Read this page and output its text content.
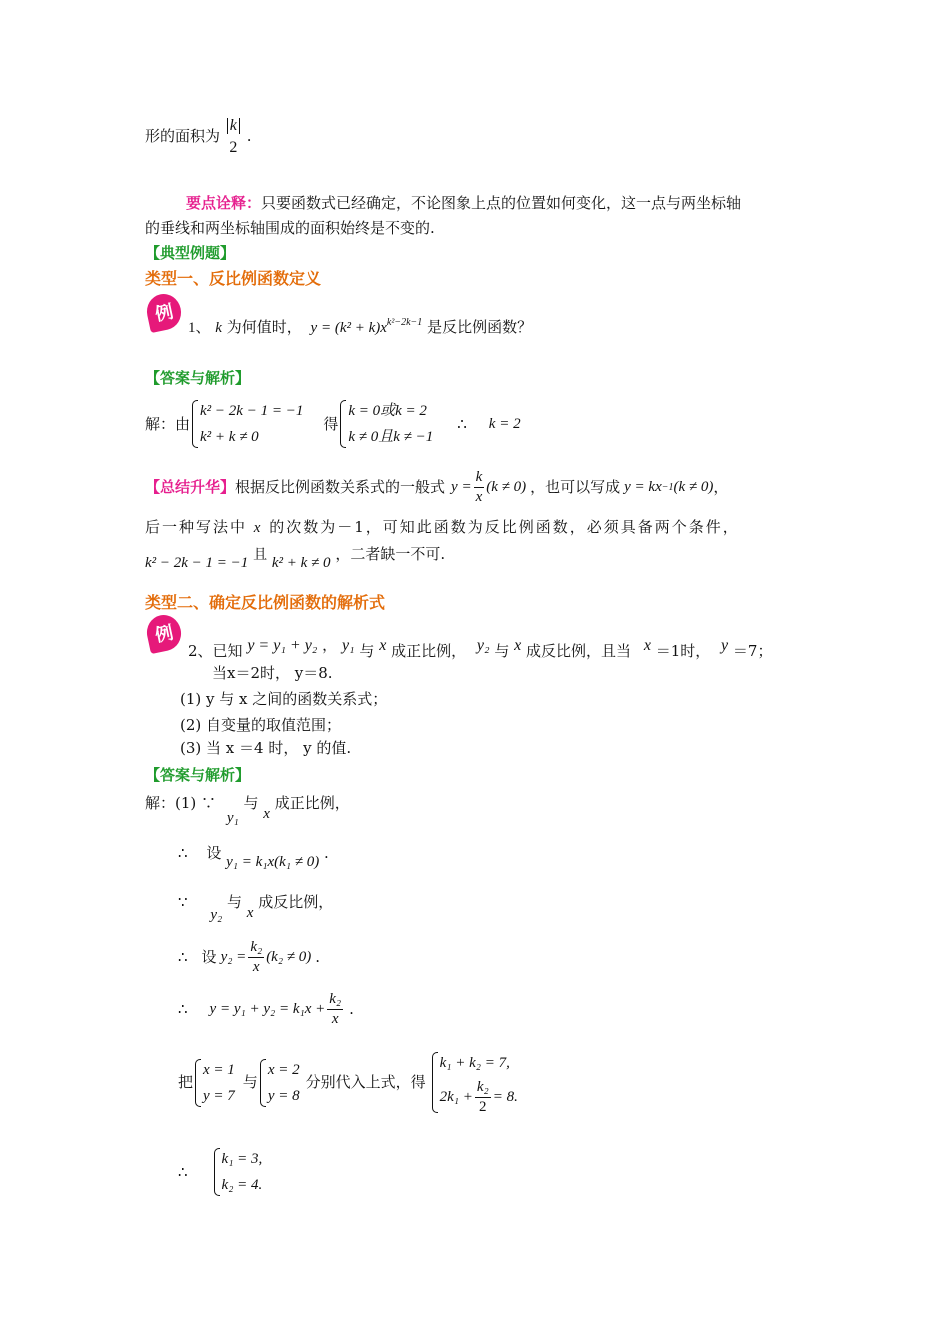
形的面积为
k
2
.
要点诠释：只要函数式已经确定，不论图象上点的位置如何变化，这一点与两坐标轴
的垂线和两坐标轴围成的面积始终是不变的.
【典型例题】
类型一、反比例函数定义
例
1、 k 为何值时， $y = (k^2 + k)x^{k^2-2k-1}$ 是反比例函数？
【答案与解析】
解：由
k² − 2k − 1 = −1
k² + k ≠ 0
得
k = 0或k = 2
k ≠ 0且k ≠ −1
∴ k = 2
【总结升华】 根据反比例函数关系式的一般式 $y = \frac{k}{x} (k \ne 0)$ ，也可以写成 y = kx −1 (k ≠ 0) ，
后一种写法中 x 的次数为－1，可知此函数为反比例函数，必须具备两个条件，
k² − 2k − 1 = −1 且 k² + k ≠ 0 ，二者缺一不可.
类型二、确定反比例函数的解析式
例
2、已知 y = y₁ + y₂ ， y₁ 与 x 成正比例， y₂ 与 x 成反比例，且当 x ＝1时， y ＝7；
当x＝2时， y＝8.
(1) y 与 x 之间的函数关系式；
(2) 自变量的取值范围；
(3) 当 x ＝4 时， y 的值.
【答案与解析】
解：(1) ∵ y₁ 与 x 成正比例，
∴ 设 y₁ = k₁x(k₁ ≠ 0) .
∵ y₂ 与 x 成反比例，
∴ 设 $y_2 = \frac{\text{k₂}}{x} (k_2 \ne 0)$ .
∴ $y = y_1 + y_2 = k_1x + \frac{\text{k₂}}{x}$ .
把
x = 1
y = 7
与
x = 2
y = 8
分别代入上式，得
k₁ + k₂ = 7,
$2k_1 + \frac{\text{k₂}}{2} = 8$.
∴
k₁ = 3,
k₂ = 4.
